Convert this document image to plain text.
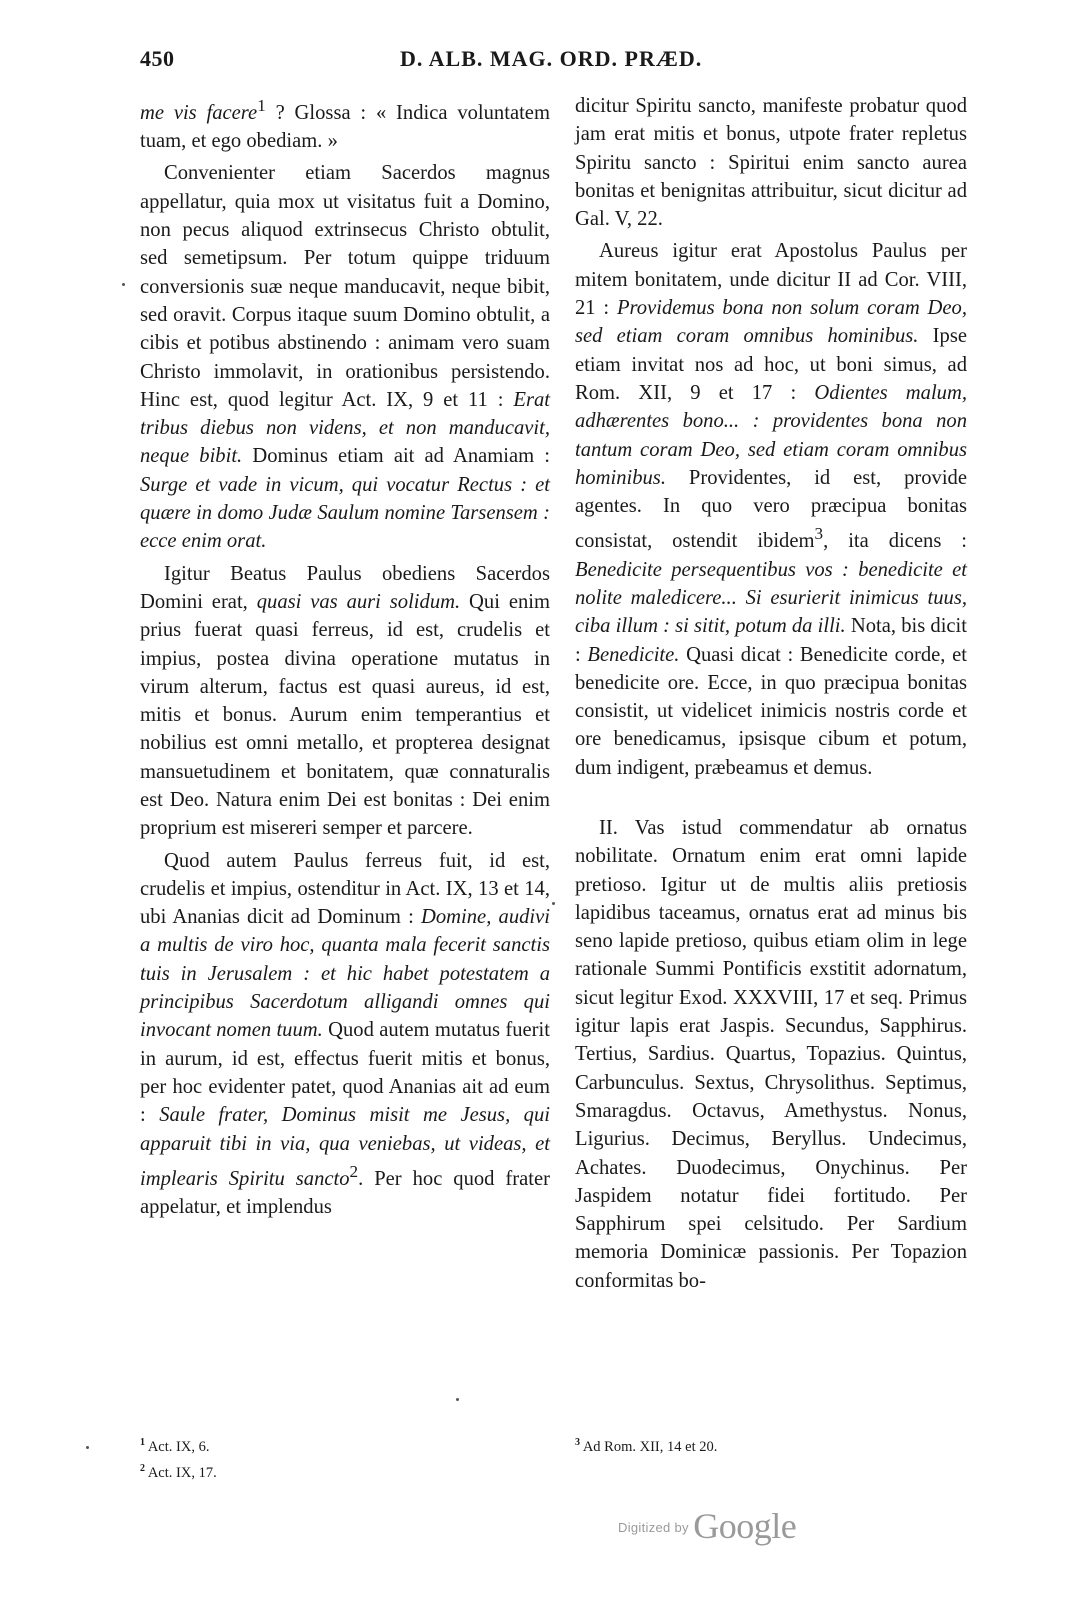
450	D. ALB. MAG. ORD. PRÆD.

me vis facere$^1$ ? Glossa : « Indica voluntatem tuam, et ego obediam. »

Convenienter etiam Sacerdos magnus appellatur, quia mox ut visitatus fuit a Domino, non pecus aliquod extrinsecus Christo obtulit, sed semetipsum. Per totum quippe triduum conversionis suæ neque manducavit, neque bibit, sed oravit. Corpus itaque suum Domino obtulit, a cibis et potibus abstinendo : animam vero suam Christo immolavit, in orationibus persistendo. Hinc est, quod legitur Act. IX, 9 et 11 : Erat tribus diebus non videns, et non manducavit, neque bibit. Dominus etiam ait ad Anamiam : Surge et vade in vicum, qui vocatur Rectus : et quære in domo Judæ Saulum nomine Tarsensem : ecce enim orat.

Igitur Beatus Paulus obediens Sacerdos Domini erat, quasi vas auri solidum. Qui enim prius fuerat quasi ferreus, id est, crudelis et impius, postea divina operatione mutatus in virum alterum, factus est quasi aureus, id est, mitis et bonus. Aurum enim temperantius et nobilius est omni metallo, et propterea designat mansuetudinem et bonitatem, quæ connaturalis est Deo. Natura enim Dei est bonitas : Dei enim proprium est misereri semper et parcere.

Quod autem Paulus ferreus fuit, id est, crudelis et impius, ostenditur in Act. IX, 13 et 14, ubi Ananias dicit ad Dominum : Domine, audivi a multis de viro hoc, quanta mala fecerit sanctis tuis in Jerusalem : et hic habet potestatem a principibus Sacerdotum alligandi omnes qui invocant nomen tuum. Quod autem mutatus fuerit in aurum, id est, effectus fuerit mitis et bonus, per hoc evidenter patet, quod Ananias ait ad eum : Saule frater, Dominus misit me Jesus, qui apparuit tibi in via, qua veniebas, ut videas, et implearis Spiritu sancto$^2$. Per hoc quod frater appelatur, et implendus

dicitur Spiritu sancto, manifeste probatur quod jam erat mitis et bonus, utpote frater repletus Spiritu sancto : Spiritui enim sancto aurea bonitas et benignitas attribuitur, sicut dicitur ad Gal. V, 22.

Aureus igitur erat Apostolus Paulus per mitem bonitatem, unde dicitur II ad Cor. VIII, 21 : Providemus bona non solum coram Deo, sed etiam coram omnibus hominibus. Ipse etiam invitat nos ad hoc, ut boni simus, ad Rom. XII, 9 et 17 : Odientes malum, adhærentes bono... : providentes bona non tantum coram Deo, sed etiam coram omnibus hominibus. Providentes, id est, provide agentes. In quo vero præcipua bonitas consistat, ostendit ibidem$^3$, ita dicens : Benedicite persequentibus vos : benedicite et nolite maledicere... Si esurierit inimicus tuus, ciba illum : si sitit, potum da illi. Nota, bis dicit : Benedicite. Quasi dicat : Benedicite corde, et benedicite ore. Ecce, in quo præcipua bonitas consistit, ut videlicet inimicis nostris corde et ore benedicamus, ipsisque cibum et potum, dum indigent, præbeamus et demus.

II. Vas istud commendatur ab ornatus nobilitate. Ornatum enim erat omni lapide pretioso. Igitur ut de multis aliis pretiosis lapidibus taceamus, ornatus erat ad minus bis seno lapide pretioso, quibus etiam olim in lege rationale Summi Pontificis exstitit adornatum, sicut legitur Exod. XXXVIII, 17 et seq. Primus igitur lapis erat Jaspis. Secundus, Sapphirus. Tertius, Sardius. Quartus, Topazius. Quintus, Carbunculus. Sextus, Chrysolithus. Septimus, Smaragdus. Octavus, Amethystus. Nonus, Ligurius. Decimus, Beryllus. Undecimus, Achates. Duodecimus, Onychinus. Per Jaspidem notatur fidei fortitudo. Per Sapphirum spei celsitudo. Per Sardium memoria Dominicæ passionis. Per Topazion conformitas bo-

$^1$ Act. IX, 6.
$^2$ Act. IX, 17.
$^3$ Ad Rom. XII, 14 et 20.
$^{Digitized by}$ Google
